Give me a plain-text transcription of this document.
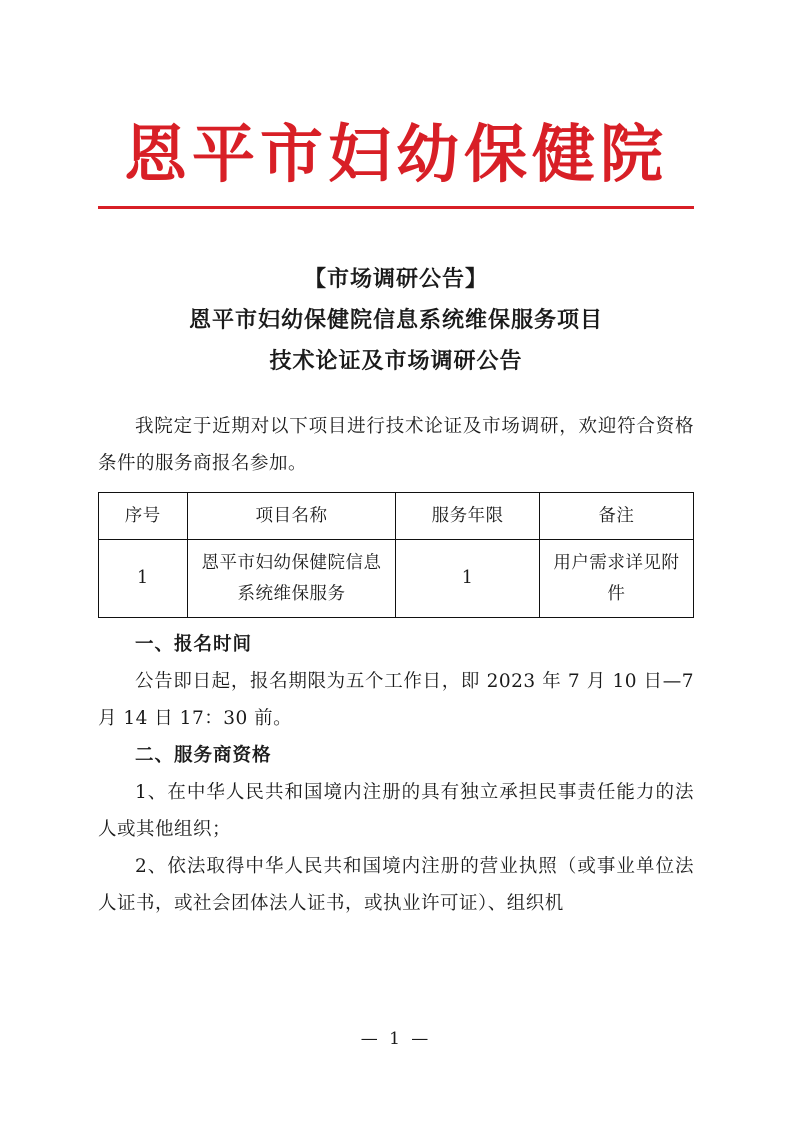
恩平市妇幼保健院
【市场调研公告】
恩平市妇幼保健院信息系统维保服务项目
技术论证及市场调研公告

我院定于近期对以下项目进行技术论证及市场调研，欢迎符合资格条件的服务商报名参加。

序号	项目名称	服务年限	备注
1	恩平市妇幼保健院信息系统维保服务	1	用户需求详见附件

一、报名时间

公告即日起，报名期限为五个工作日，即 2023 年 7 月 10 日—7 月 14 日 17：30 前。

二、服务商资格

1、在中华人民共和国境内注册的具有独立承担民事责任能力的法人或其他组织；

2、依法取得中华人民共和国境内注册的营业执照（或事业单位法人证书，或社会团体法人证书，或执业许可证）、组织机

— 1 —
